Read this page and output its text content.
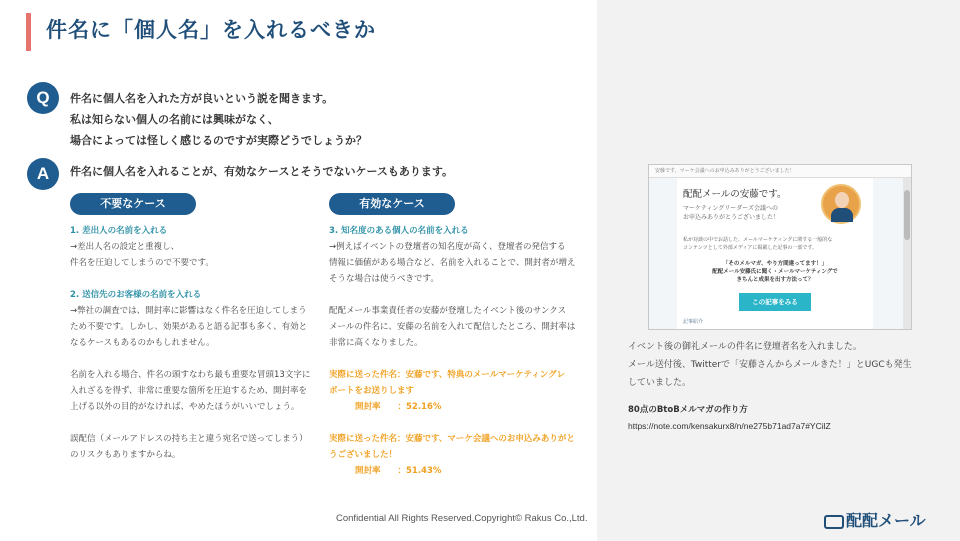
件名に「個人名」を入れるべきか
Q	件名に個人名を入れた方が良いという説を聞きます。
私は知らない個人の名前には興味がなく、
場合によっては怪しく感じるのですが実際どうでしょうか？
A	件名に個人名を入れることが、有効なケースとそうでないケースもあります。
不要なケース	有効なケース
1. 差出人の名前を入れる
→差出人名の設定と重複し、
件名を圧迫してしまうので不要です。
2. 送信先のお客様の名前を入れる
→弊社の調査では、開封率に影響はなく件名を圧迫してしまう
ため不要です。しかし、効果があると語る記事も多く、有効と
なるケースもあるのかもしれません。
名前を入れる場合、件名の頭すなわち最も重要な冒頭13文字に
入れざるを得ず、非常に重要な箇所を圧迫するため、開封率を
上げる以外の目的がなければ、やめたほうがいいでしょう。
誤配信（メールアドレスの持ち主と違う宛名で送ってしまう）
のリスクもありますからね。
3. 知名度のある個人の名前を入れる
→例えばイベントの登壇者の知名度が高く、登壇者の発信する
情報に価値がある場合など、名前を入れることで、開封者が増え
そうな場合は使うべきです。
配配メール事業責任者の安藤が登壇したイベント後のサンクス
メールの件名に、安藤の名前を入れて配信したところ、開封率は
非常に高くなりました。
実際に送った件名：安藤です、特典のメールマーケティングレ
ポートをお送りします
開封率　　：52.16%
実際に送った件名：安藤です、マーケ会議へのお申込みありがと
うございました！
開封率　　：51.43%
安藤です、マーケ会議へのお申込みありがとうございました！
配配メールの安藤です。
マーケティングリーダーズ会議への
お申込みありがとうございました！
私が対談の中でお話した、メールマーケティングに関する一般的な
コンテンツとして外部メディアに掲載した記事の一部です。
「そのメルマガ、やり方間違ってます！」
配配メール安藤氏に聞く・メールマーケティングで
きちんと成果を出す方法って？
この記事をみる
記事紹介
イベント後の御礼メールの件名に登壇者名を入れました。
メール送付後、Twitterで「安藤さんからメールきた！」とUGCも発生
していました。
80点のBtoBメルマガの作り方
https://note.com/kensakurx8/n/ne275b71ad7a7#YCilZ
Confidential All Rights Reserved.Copyright© Rakus Co.,Ltd.	配配メール
